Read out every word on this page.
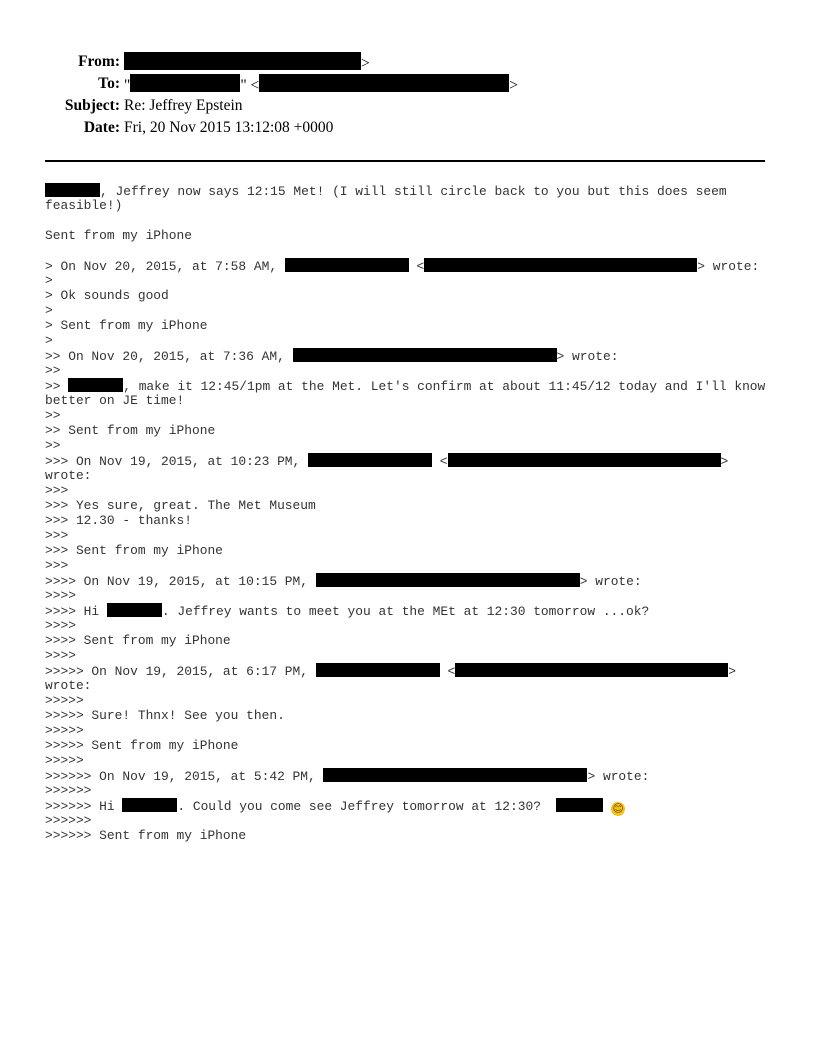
From:	>
To: "	" <	>
Subject: Re: Jeffrey Epstein
Date: Fri, 20 Nov 2015 13:12:08 +0000
, Jeffrey now says 12:15 Met! (I will still circle back to you but this does seem
feasible!)
Sent from my iPhone
> On Nov 20, 2015, at 7:58 AM,	<	> wrote:
>
> Ok sounds good
>
> Sent from my iPhone
>
>> On Nov 20, 2015, at 7:36 AM,	> wrote:
>>
>>	, make it 12:45/1pm at the Met. Let's confirm at about 11:45/12 today and I'll know
better on JE time!
>>
>> Sent from my iPhone
>>
>>> On Nov 19, 2015, at 10:23 PM,	<	>
wrote:
>>>
>>> Yes sure, great. The Met Museum
>>> 12.30 - thanks!
>>>
>>> Sent from my iPhone
>>>
>>>> On Nov 19, 2015, at 10:15 PM,	> wrote:
>>>>
>>>> Hi	. Jeffrey wants to meet you at the MEt at 12:30 tomorrow ...ok?
>>>>
>>>> Sent from my iPhone
>>>>
>>>>> On Nov 19, 2015, at 6:17 PM,	<	>
wrote:
>>>>>
>>>>> Sure! Thnx! See you then.
>>>>>
>>>>> Sent from my iPhone
>>>>>
>>>>>> On Nov 19, 2015, at 5:42 PM,	> wrote:
>>>>>>
>>>>>> Hi	. Could you come see Jeffrey tomorrow at 12:30?	😊
>>>>>>
>>>>>> Sent from my iPhone
